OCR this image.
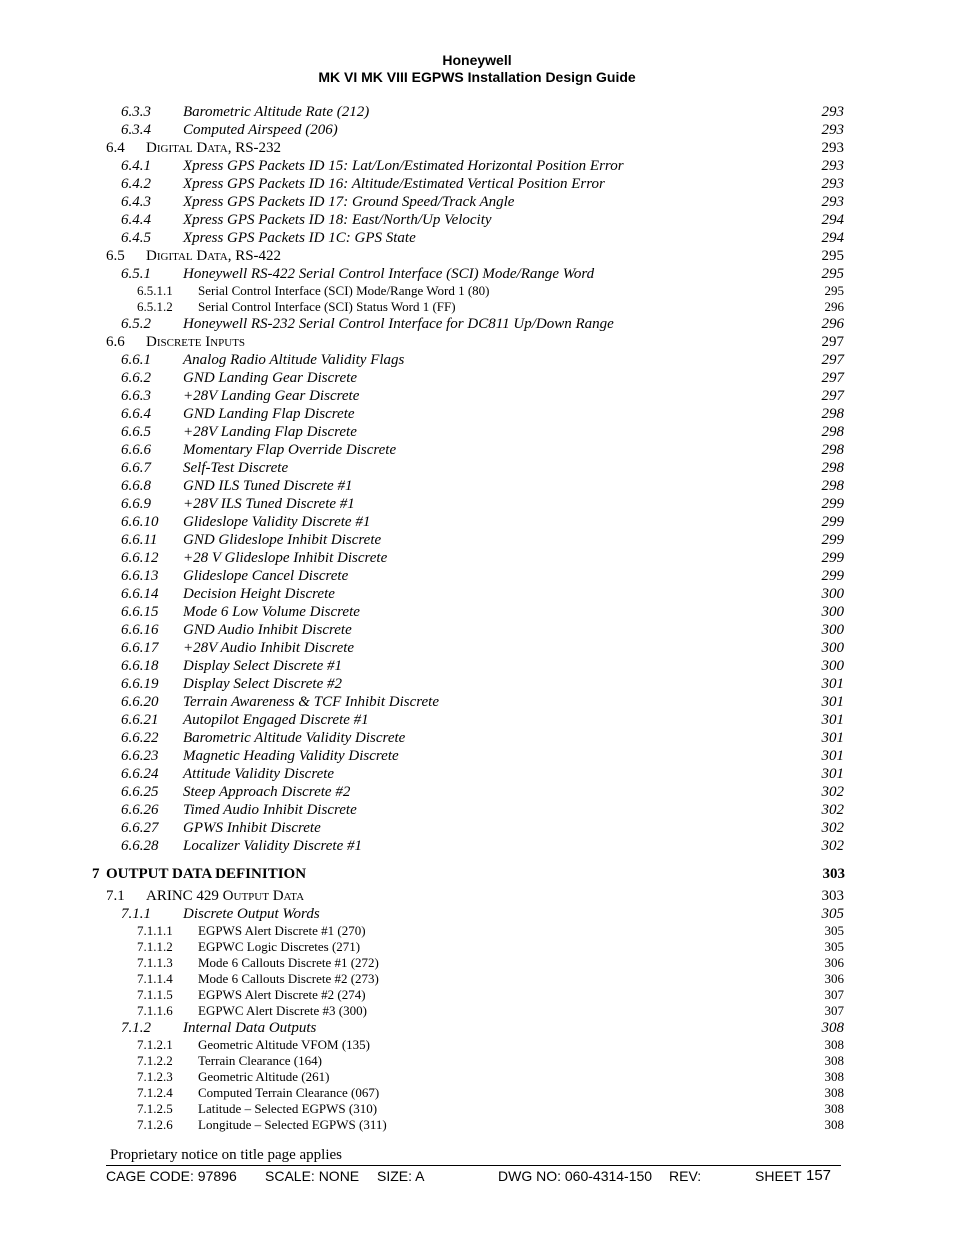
Honeywell
MK VI MK VIII EGPWS Installation Design Guide
6.3.3 Barometric Altitude Rate (212)	293
6.3.4 Computed Airspeed (206)	293
6.4 Digital Data, RS-232	293
6.4.1 Xpress GPS Packets ID 15: Lat/Lon/Estimated Horizontal Position Error	293
6.4.2 Xpress GPS Packets ID 16: Altitude/Estimated Vertical Position Error	293
6.4.3 Xpress GPS Packets ID 17: Ground Speed/Track Angle	293
6.4.4 Xpress GPS Packets ID 18: East/North/Up Velocity	294
6.4.5 Xpress GPS Packets ID 1C: GPS State	294
6.5 Digital Data, RS-422	295
6.5.1 Honeywell RS-422 Serial Control Interface (SCI) Mode/Range Word	295
6.5.1.1 Serial Control Interface (SCI) Mode/Range Word 1 (80)	295
6.5.1.2 Serial Control Interface (SCI) Status Word 1 (FF)	296
6.5.2 Honeywell RS-232 Serial Control Interface for DC811 Up/Down Range	296
6.6 Discrete Inputs	297
6.6.1 Analog Radio Altitude Validity Flags	297
6.6.2 GND Landing Gear Discrete	297
6.6.3 +28V Landing Gear Discrete	297
6.6.4 GND Landing Flap Discrete	298
6.6.5 +28V Landing Flap Discrete	298
6.6.6 Momentary Flap Override Discrete	298
6.6.7 Self-Test Discrete	298
6.6.8 GND ILS Tuned Discrete #1	298
6.6.9 +28V ILS Tuned Discrete #1	299
6.6.10 Glideslope Validity Discrete #1	299
6.6.11 GND Glideslope Inhibit Discrete	299
6.6.12 +28 V Glideslope Inhibit Discrete	299
6.6.13 Glideslope Cancel Discrete	299
6.6.14 Decision Height Discrete	300
6.6.15 Mode 6 Low Volume Discrete	300
6.6.16 GND Audio Inhibit Discrete	300
6.6.17 +28V Audio Inhibit Discrete	300
6.6.18 Display Select Discrete #1	300
6.6.19 Display Select Discrete #2	301
6.6.20 Terrain Awareness & TCF Inhibit Discrete	301
6.6.21 Autopilot Engaged Discrete #1	301
6.6.22 Barometric Altitude Validity Discrete	301
6.6.23 Magnetic Heading Validity Discrete	301
6.6.24 Attitude Validity Discrete	301
6.6.25 Steep Approach Discrete #2	302
6.6.26 Timed Audio Inhibit Discrete	302
6.6.27 GPWS Inhibit Discrete	302
6.6.28 Localizer Validity Discrete #1	302
7 OUTPUT DATA DEFINITION	303
7.1 ARINC 429 Output Data	303
7.1.1 Discrete Output Words	305
7.1.1.1 EGPWS Alert Discrete #1 (270)	305
7.1.1.2 EGPWC Logic Discretes (271)	305
7.1.1.3 Mode 6 Callouts Discrete #1 (272)	306
7.1.1.4 Mode 6 Callouts Discrete #2 (273)	306
7.1.1.5 EGPWS Alert Discrete #2 (274)	307
7.1.1.6 EGPWC Alert Discrete #3 (300)	307
7.1.2 Internal Data Outputs	308
7.1.2.1 Geometric Altitude VFOM (135)	308
7.1.2.2 Terrain Clearance (164)	308
7.1.2.3 Geometric Altitude (261)	308
7.1.2.4 Computed Terrain Clearance (067)	308
7.1.2.5 Latitude – Selected EGPWS (310)	308
7.1.2.6 Longitude – Selected EGPWS (311)	308
Proprietary notice on title page applies
CAGE CODE: 97896 SCALE: NONE SIZE: A	DWG NO: 060-4314-150 REV:	SHEET 157
